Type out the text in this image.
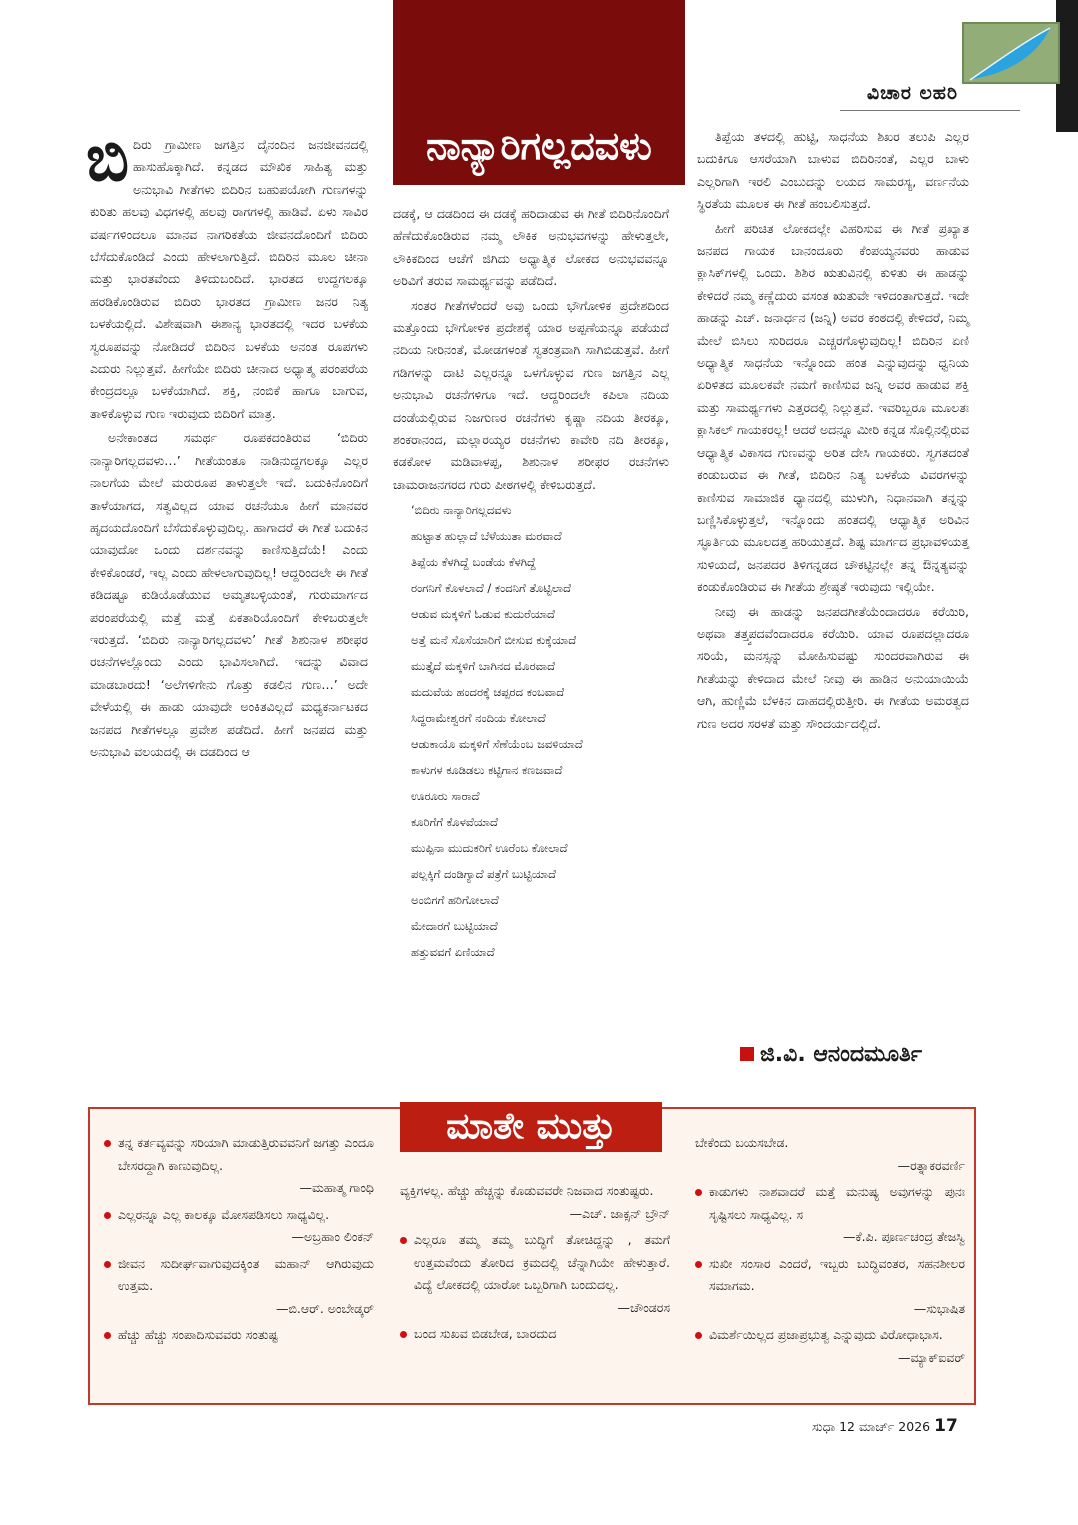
ವಿಚಾರ ಲಹರಿ
ನಾನ್ಯಾರಿಗಲ್ಲದವಳು

ಬಿದಿರು ಗ್ರಾಮೀಣ ಜಗತ್ತಿನ ದೈನಂದಿನ ಜನಜೀವನದಲ್ಲಿ ಹಾಸುಹೊಕ್ಕಾಗಿದೆ. ಕನ್ನಡದ ಮೌಖಿಕ ಸಾಹಿತ್ಯ ಮತ್ತು ಅನುಭಾವಿ ಗೀತೆಗಳು ಬಿದಿರಿನ ಬಹುಪಯೋಗಿ ಗುಣಗಳನ್ನು ಕುರಿತು ಹಲವು ವಿಧಗಳಲ್ಲಿ ಹಲವು ರಾಗಗಳಲ್ಲಿ ಹಾಡಿವೆ. ಏಳು ಸಾವಿರ ವರ್ಷಗಳಿಂದಲೂ ಮಾನವ ನಾಗರಿಕತೆಯ ಜೀವನದೊಂದಿಗೆ ಬಿದಿರು ಬೆಸೆದುಕೊಂಡಿದೆ ಎಂದು ಹೇಳಲಾಗುತ್ತಿದೆ. ಬಿದಿರಿನ ಮೂಲ ಚೀನಾ ಮತ್ತು ಭಾರತವೆಂದು ತಿಳಿದುಬಂದಿದೆ. ಭಾರತದ ಉದ್ದಗಲಕ್ಕೂ ಹರಡಿಕೊಂಡಿರುವ ಬಿದಿರು ಭಾರತದ ಗ್ರಾಮೀಣ ಜನರ ನಿತ್ಯ ಬಳಕೆಯಲ್ಲಿದೆ. ವಿಶೇಷವಾಗಿ ಈಶಾನ್ಯ ಭಾರತದಲ್ಲಿ ಇದರ ಬಳಕೆಯ ಸ್ವರೂಪವನ್ನು ನೋಡಿದರೆ ಬಿದಿರಿನ ಬಳಕೆಯ ಅನಂತ ರೂಪಗಳು ಎದುರು ನಿಲ್ಲುತ್ತವೆ. ಹೀಗೆಯೇ ಬಿದಿರು ಚೀನಾದ ಅಧ್ಯಾತ್ಮ ಪರಂಪರೆಯ ಕೇಂದ್ರದಲ್ಲೂ ಬಳಕೆಯಾಗಿದೆ. ಶಕ್ತಿ, ನಂಬಿಕೆ ಹಾಗೂ ಬಾಗುವ, ತಾಳಿಕೊಳ್ಳುವ ಗುಣ ಇರುವುದು ಬಿದಿರಿಗೆ ಮಾತ್ರ.

ಅನೇಕಾಂತದ ಸಮರ್ಥ ರೂಪಕದಂತಿರುವ ‘ಬಿದಿರು ನಾನ್ಯಾರಿಗಲ್ಲದವಳು…’ ಗೀತೆಯಂತೂ ನಾಡಿನುದ್ದಗಲಕ್ಕೂ ಎಲ್ಲರ ನಾಲಗೆಯ ಮೇಲೆ ಮರುರೂಪ ತಾಳುತ್ತಲೇ ಇದೆ. ಬದುಕಿನೊಂದಿಗೆ ತಾಳೆಯಾಗದ, ಸತ್ವವಿಲ್ಲದ ಯಾವ ರಚನೆಯೂ ಹೀಗೆ ಮಾನವರ ಹೃದಯದೊಂದಿಗೆ ಬೆಸೆದುಕೊಳ್ಳುವುದಿಲ್ಲ. ಹಾಗಾದರೆ ಈ ಗೀತೆ ಬದುಕಿನ ಯಾವುದೋ ಒಂದು ದರ್ಶನವನ್ನು ಕಾಣಿಸುತ್ತಿದೆಯೆ! ಎಂದು ಕೇಳಿಕೊಂಡರೆ, ಇಲ್ಲ ಎಂದು ಹೇಳಲಾಗುವುದಿಲ್ಲ! ಆದ್ದರಿಂದಲೇ ಈ ಗೀತೆ ಕಡಿದಷ್ಟೂ ಕುಡಿಯೊಡೆಯುವ ಅಮೃತಬಳ್ಳಿಯಂತೆ, ಗುರುಮಾರ್ಗದ ಪರಂಪರೆಯಲ್ಲಿ ಮತ್ತೆ ಮತ್ತೆ ಏಕತಾರಿಯೊಂದಿಗೆ ಕೇಳಿಬರುತ್ತಲೇ ಇರುತ್ತದೆ. ‘ಬಿದಿರು ನಾನ್ಯಾರಿಗಲ್ಲದವಳು’ ಗೀತೆ ಶಿಶುನಾಳ ಶರೀಫರ ರಚನೆಗಳಲ್ಲೊಂದು ಎಂದು ಭಾವಿಸಲಾಗಿದೆ. ಇದನ್ನು ವಿವಾದ ಮಾಡಬಾರದು! ‘ಅಲೆಗಳಿಗೇನು ಗೊತ್ತು ಕಡಲಿನ ಗುಣ…’ ಅದೇ ವೇಳೆಯಲ್ಲಿ ಈ ಹಾಡು ಯಾವುದೇ ಅಂಕಿತವಿಲ್ಲದೆ ಮಧ್ಯಕರ್ನಾಟಕದ ಜನಪದ ಗೀತೆಗಳಲ್ಲೂ ಪ್ರವೇಶ ಪಡೆದಿದೆ. ಹೀಗೆ ಜನಪದ ಮತ್ತು ಅನುಭಾವಿ ವಲಯದಲ್ಲಿ ಈ ದಡದಿಂದ ಆ

ದಡಕ್ಕೆ, ಆ ದಡದಿಂದ ಈ ದಡಕ್ಕೆ ಹರಿದಾಡುವ ಈ ಗೀತೆ ಬಿದಿರಿನೊಂದಿಗೆ ಹೆಣೆದುಕೊಂಡಿರುವ ನಮ್ಮ ಲೌಕಿಕ ಅನುಭವಗಳನ್ನು ಹೇಳುತ್ತಲೇ, ಲೌಕಿಕದಿಂದ ಆಚೆಗೆ ಜಿಗಿದು ಅಧ್ಯಾತ್ಮಿಕ ಲೋಕದ ಅನುಭವವನ್ನೂ ಅರಿವಿಗೆ ತರುವ ಸಾಮರ್ಥ್ಯವನ್ನು ಪಡೆದಿದೆ.

ಸಂತರ ಗೀತೆಗಳೆಂದರೆ ಅವು ಒಂದು ಭೌಗೋಳಿಕ ಪ್ರದೇಶದಿಂದ ಮತ್ತೊಂದು ಭೌಗೋಳಿಕ ಪ್ರದೇಶಕ್ಕೆ ಯಾರ ಅಪ್ಪಣೆಯನ್ನೂ ಪಡೆಯದೆ ನದಿಯ ನೀರಿನಂತೆ, ಮೋಡಗಳಂತೆ ಸ್ವತಂತ್ರವಾಗಿ ಸಾಗಿಬಿಡುತ್ತವೆ. ಹೀಗೆ ಗಡಿಗಳನ್ನು ದಾಟಿ ಎಲ್ಲರನ್ನೂ ಒಳಗೊಳ್ಳುವ ಗುಣ ಜಗತ್ತಿನ ಎಲ್ಲ ಅನುಭಾವಿ ರಚನೆಗಳಿಗೂ ಇದೆ. ಆದ್ದರಿಂದಲೇ ಕಪಿಲಾ ನದಿಯ ದಂಡೆಯಲ್ಲಿರುವ ನಿಜಗುಣರ ರಚನೆಗಳು ಕೃಷ್ಣಾ ನದಿಯ ತೀರಕ್ಕೂ, ಶಂಕರಾನಂದ, ಮಲ್ಲಾರಯ್ಯರ ರಚನೆಗಳು ಕಾವೇರಿ ನದಿ ತೀರಕ್ಕೂ, ಕಡಕೋಳ ಮಡಿವಾಳಪ್ಪ, ಶಿಶುನಾಳ ಶರೀಫರ ರಚನೆಗಳು ಚಾಮರಾಜನಗರದ ಗುರು ಪೀಠಗಳಲ್ಲಿ ಕೇಳಿಬರುತ್ತದೆ.

‘ಬಿದಿರು ನಾನ್ಯಾರಿಗಲ್ಲದವಳು

ಹುಟ್ಟಾತ ಹುಲ್ಲಾದೆ ಬೆಳೆಯುತಾ ಮರವಾದೆ

ತಿಪ್ಪೆಯ ಕೆಳಗಿದ್ದೆ ಬಂಡೆಯ ಕೆಳಗಿದ್ದೆ

ರಂಗನಿಗೆ ಕೊಳಲಾದೆ / ಕಂದನಿಗೆ ತೊಟ್ಟಿಲಾದೆ

ಆಡುವ ಮಕ್ಕಳಿಗೆ ಓಡುವ ಕುದುರೆಯಾದೆ

ಅತ್ತೆ ಮನೆ ಸೊಸೆಯಾರಿಗೆ ಬೀಸುವ ಕುಕ್ಕೆಯಾದೆ

ಮುತ್ತೈದೆ ಮಕ್ಕಳಿಗೆ ಬಾಗಿನದ ಮೊರವಾದೆ

ಮದುವೆಯ ಹಂದರಕ್ಕೆ ಚಪ್ಪರದ ಕಂಬವಾದೆ

ಸಿದ್ಧರಾಮೇಶ್ವರಗೆ ನಂದಿಯ ಕೋಲಾದೆ

ಆಡುಕಾಯೊ ಮಕ್ಕಳಿಗೆ ಸೆಣೆಯೆಂಬ ಜವಳಿಯಾದೆ

ಕಾಳುಗಳ ಕೂಡಿಡಲು ಕಟ್ಟಿಗಾನ ಕಣಜವಾದೆ

ಊರೂರು ಸಾರಾದೆ

ಕೂರಿಗೆಗೆ ಕೊಳವೆಯಾದೆ

ಮುಪ್ಪಿನಾ ಮುದುಕರಿಗೆ ಊರೆಂಬ ಕೋಲಾದೆ

ಪಲ್ಲಕ್ಕಿಗೆ ದಂಡಿಗ್ಯಾದೆ ಪತ್ರೆಗೆ ಬುಟ್ಟಿಯಾದೆ

ಅಂಬಿಗಗೆ ಹರಿಗೋಲಾದೆ

ಮೇದಾರಗೆ ಬುಟ್ಟಿಯಾದೆ

ಹತ್ತುವವಗೆ ಏಣಿಯಾದೆ

ತಿಪ್ಪೆಯ ತಳದಲ್ಲಿ ಹುಟ್ಟಿ, ಸಾಧನೆಯ ಶಿಖರ ತಲುಪಿ ಎಲ್ಲರ ಬದುಕಿಗೂ ಆಸರೆಯಾಗಿ ಬಾಳುವ ಬಿದಿರಿನಂತೆ, ಎಲ್ಲರ ಬಾಳು ಎಲ್ಲರಿಗಾಗಿ ಇರಲಿ ಎಂಬುದನ್ನು ಲಯದ ಸಾಮರಸ್ಯ, ವರ್ಣನೆಯ ಸ್ಥಿರತೆಯ ಮೂಲಕ ಈ ಗೀತೆ ಹಂಬಲಿಸುತ್ತದೆ.

ಹೀಗೆ ಪರಿಚಿತ ಲೋಕದಲ್ಲೇ ವಿಹರಿಸುವ ಈ ಗೀತೆ ಪ್ರಖ್ಯಾತ ಜನಪದ ಗಾಯಕ ಬಾನಂದೂರು ಕೆಂಪಯ್ಯನವರು ಹಾಡುವ ಕ್ಲಾಸಿಕ್‌ಗಳಲ್ಲಿ ಒಂದು. ಶಿಶಿರ ಋತುವಿನಲ್ಲಿ ಕುಳಿತು ಈ ಹಾಡನ್ನು ಕೇಳಿದರೆ ನಮ್ಮ ಕಣ್ಣೆದುರು ವಸಂತ ಋತುವೇ ಇಳಿದಂತಾಗುತ್ತದೆ. ಇದೇ ಹಾಡನ್ನು ಎಚ್. ಜನಾರ್ಧನ (ಜನ್ನಿ) ಅವರ ಕಂಠದಲ್ಲಿ ಕೇಳಿದರೆ, ನಿಮ್ಮ ಮೇಲೆ ಬಿಸಿಲು ಸುರಿದರೂ ಎಚ್ಚರಗೊಳ್ಳುವುದಿಲ್ಲ! ಬಿದಿರಿನ ಏಣಿ ಅಧ್ಯಾತ್ಮಿಕ ಸಾಧನೆಯ ಇನ್ನೊಂದು ಹಂತ ಎನ್ನುವುದನ್ನು ಧ್ವನಿಯ ಏರಿಳಿತದ ಮೂಲಕವೇ ನಮಗೆ ಕಾಣಿಸುವ ಜನ್ನಿ ಅವರ ಹಾಡುವ ಶಕ್ತಿ ಮತ್ತು ಸಾಮರ್ಥ್ಯಗಳು ಎತ್ತರದಲ್ಲಿ ನಿಲ್ಲುತ್ತವೆ. ಇವರಿಬ್ಬರೂ ಮೂಲತಃ ಕ್ಲಾಸಿಕಲ್ ಗಾಯಕರಲ್ಲ! ಆದರೆ ಅದನ್ನೂ ಮೀರಿ ಕನ್ನಡ ಸೊಲ್ಲಿನಲ್ಲಿರುವ ಆಧ್ಯಾತ್ಮಿಕ ವಿಕಾಸದ ಗುಣವನ್ನು ಅರಿತ ದೇಸಿ ಗಾಯಕರು. ಸ್ವಗತದಂತೆ ಕಂಡುಬರುವ ಈ ಗೀತೆ, ಬಿದಿರಿನ ನಿತ್ಯ ಬಳಕೆಯ ವಿವರಗಳನ್ನು ಕಾಣಿಸುವ ಸಾಮಾಜಿಕ ಧ್ಯಾನದಲ್ಲಿ ಮುಳುಗಿ, ನಿಧಾನವಾಗಿ ತನ್ನನ್ನು ಬಣ್ಣಿಸಿಕೊಳ್ಳುತ್ತಲೆ, ಇನ್ನೊಂದು ಹಂತದಲ್ಲಿ ಆಧ್ಯಾತ್ಮಿಕ ಅರಿವಿನ ಸ್ಫೂರ್ತಿಯ ಮೂಲದತ್ತ ಹರಿಯುತ್ತದೆ. ಶಿಷ್ಟ ಮಾರ್ಗದ ಪ್ರಭಾವಳಿಯತ್ತ ಸುಳಿಯದೆ, ಜನಪದರ ತಿಳಿಗನ್ನಡದ ಚೌಕಟ್ಟಿನಲ್ಲೇ ತನ್ನ ಔನ್ನತ್ಯವನ್ನು ಕಂಡುಕೊಂಡಿರುವ ಈ ಗೀತೆಯ ಶ್ರೇಷ್ಠತೆ ಇರುವುದು ಇಲ್ಲಿಯೇ.

ನೀವು ಈ ಹಾಡನ್ನು ಜನಪದಗೀತೆಯೆಂದಾದರೂ ಕರೆಯಿರಿ, ಅಥವಾ ತತ್ತ್ವಪದವೆಂದಾದರೂ ಕರೆಯಿರಿ. ಯಾವ ರೂಪದಲ್ಲಾದರೂ ಸರಿಯೆ, ಮನಸ್ಸನ್ನು ಮೋಹಿಸುವಷ್ಟು ಸುಂದರವಾಗಿರುವ ಈ ಗೀತೆಯನ್ನು ಕೇಳಿದಾದ ಮೇಲೆ ನೀವು ಈ ಹಾಡಿನ ಅನುಯಾಯಿಯೆ ಆಗಿ, ಹುಣ್ಣಿಮೆ ಬೆಳಕಿನ ದಾಹದಲ್ಲಿರುತ್ತೀರಿ. ಈ ಗೀತೆಯ ಅಮರತ್ವದ ಗುಣ ಅದರ ಸರಳತೆ ಮತ್ತು ಸೌಂದರ್ಯದಲ್ಲಿದೆ.

ಜಿ.ವಿ. ಆನಂದಮೂರ್ತಿ
ಮಾತೇ ಮುತ್ತು

ತನ್ನ ಕರ್ತವ್ಯವನ್ನು ಸರಿಯಾಗಿ ಮಾಡುತ್ತಿರುವವನಿಗೆ ಜಗತ್ತು ಎಂದೂ ಬೇಸರದ್ದಾಗಿ ಕಾಣುವುದಿಲ್ಲ.

—ಮಹಾತ್ಮ ಗಾಂಧಿ

ಎಲ್ಲರನ್ನೂ ಎಲ್ಲ ಕಾಲಕ್ಕೂ ಮೋಸಪಡಿಸಲು ಸಾಧ್ಯವಿಲ್ಲ.

—ಅಬ್ರಹಾಂ ಲಿಂಕನ್

ಜೀವನ ಸುದೀರ್ಘವಾಗುವುದಕ್ಕಿಂತ ಮಹಾನ್ ಆಗಿರುವುದು ಉತ್ತಮ.

—ಬಿ.ಆರ್. ಅಂಬೇಡ್ಕರ್

ಹೆಚ್ಚು ಹೆಚ್ಚು ಸಂಪಾದಿಸುವವರು ಸಂತುಷ್ಟ

ವ್ಯಕ್ತಿಗಳಲ್ಲ. ಹೆಚ್ಚು ಹೆಚ್ಚನ್ನು ಕೊಡುವವರೇ ನಿಜವಾದ ಸಂತುಷ್ಟರು.

—ಎಚ್. ಜಾಕ್ಸನ್ ಬ್ರೌನ್

ಎಲ್ಲರೂ ತಮ್ಮ ತಮ್ಮ ಬುದ್ಧಿಗೆ ತೋಚಿದ್ದನ್ನು , ತಮಗೆ ಉತ್ತಮವೆಂದು ತೋರಿದ ಕ್ರಮದಲ್ಲಿ ಚೆನ್ನಾಗಿಯೇ ಹೇಳುತ್ತಾರೆ. ವಿದ್ಯೆ ಲೋಕದಲ್ಲಿ ಯಾರೋ ಒಬ್ಬರಿಗಾಗಿ ಬಂದುದಲ್ಲ.

—ಚೌಂಡರಸ

ಬಂದ ಸುಖವ ಬಿಡಬೇಡ, ಬಾರದುದ

ಬೇಕೆಂದು ಬಯಸಬೇಡ.

—ರತ್ನಾಕರವರ್ಣಿ

ಕಾಡುಗಳು ನಾಶವಾದರೆ ಮತ್ತೆ ಮನುಷ್ಯ ಅವುಗಳನ್ನು ಪುನಃ ಸೃಷ್ಟಿಸಲು ಸಾಧ್ಯವಿಲ್ಲ. ಸ

—ಕೆ.ಪಿ. ಪೂರ್ಣಚಂದ್ರ ತೇಜಸ್ವಿ

ಸುಖೀ ಸಂಸಾರ ಎಂದರೆ, ಇಬ್ಬರು ಬುದ್ಧಿವಂತರ, ಸಹನಶೀಲರ ಸಮಾಗಮ.

—ಸುಭಾಷಿತ

ವಿಮರ್ಶೆಯಿಲ್ಲದ ಪ್ರಜಾಪ್ರಭುತ್ವ ಎನ್ನುವುದು ವಿರೋಧಾಭಾಸ.

—ಮ್ಯಾಕ್ಐವರ್

ಸುಧಾ 12 ಮಾರ್ಚ್ 2026 17
